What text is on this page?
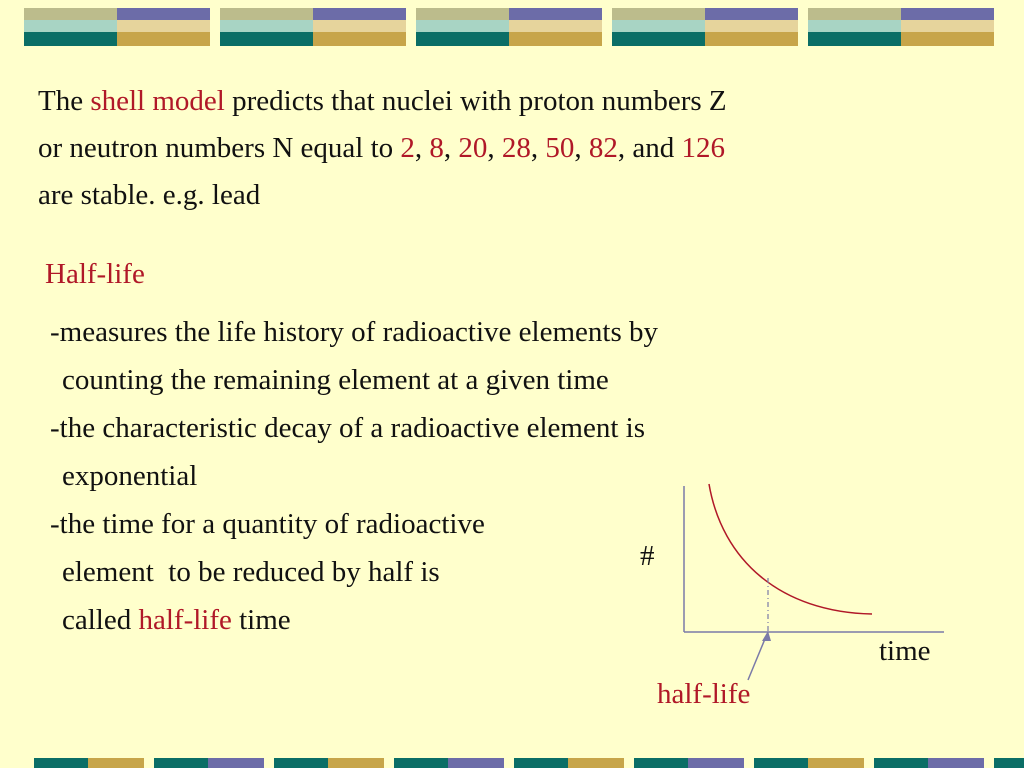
The shell model predicts that nuclei with proton numbers Z
or neutron numbers N equal to 2, 8, 20, 28, 50, 82, and 126
are stable. e.g. lead
Half-life
-measures the life history of radioactive elements by
counting the remaining element at a given time
-the characteristic decay of a radioactive element is
exponential
-the time for a quantity of radioactive
element  to be reduced by half is
called half-life time
#
time
half-life
